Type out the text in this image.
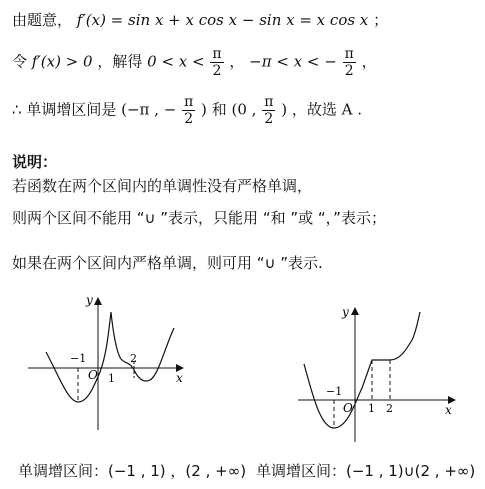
由题意， f′(x) = sin x + x cos x − sin x = x cos x ；
令 f′(x) > 0 ，解得 $0 < x < \frac{\pi}{2}$ ， −π < x < − $\frac{\pi}{2}$ ，
∴ 单调增区间是 (−π , − $\frac{\pi}{2}$ ) 和 (0 , $\frac{\pi}{2}$ ) ，故选 A .
说明：
若函数在两个区间内的单调性没有严格单调，
则两个区间不能用 “∪ ”表示，只能用 “和 ”或 “，”表示；
如果在两个区间内严格单调，则可用 “∪ ”表示.
y
x
−1
O 1
2
y
x
−1
O 1 2
单调增区间：(−1 , 1) ，(2 , +∞) 单调增区间：(−1 , 1)∪(2 , +∞)
